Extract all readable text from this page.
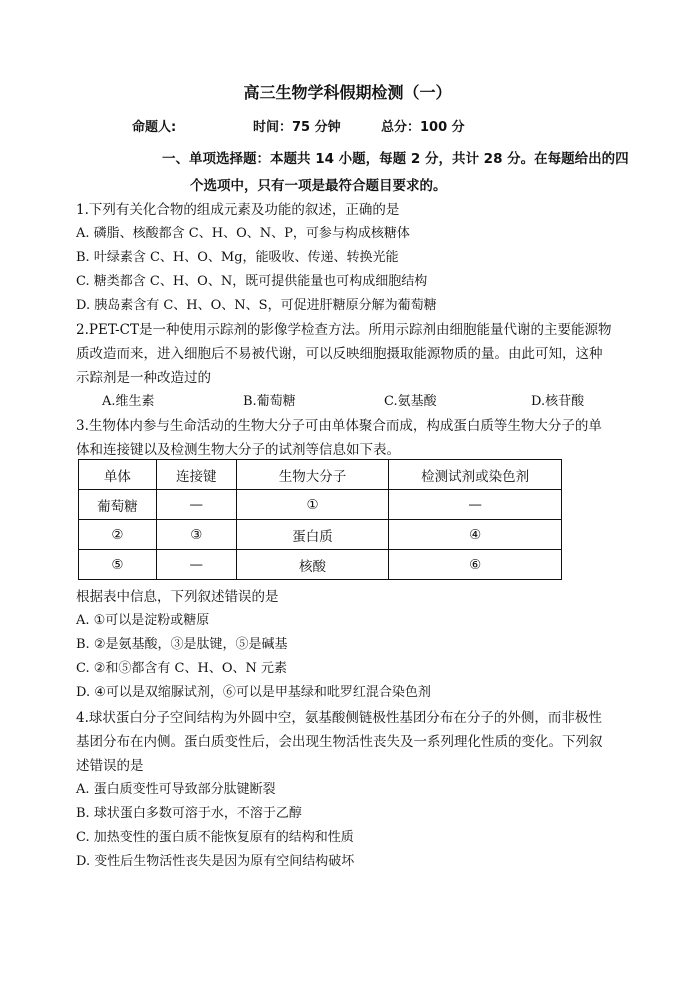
高三生物学科假期检测（一）
命题人:	时间：75 分钟	总分：100 分
一、单项选择题：本题共 14 小题，每题 2 分，共计 28 分。在每题给出的四
个选项中，只有一项是最符合题目要求的。
1.下列有关化合物的组成元素及功能的叙述，正确的是
A. 磷脂、核酸都含 C、H、O、N、P，可参与构成核糖体
B. 叶绿素含 C、H、O、Mg，能吸收、传递、转换光能
C. 糖类都含 C、H、O、N，既可提供能量也可构成细胞结构
D. 胰岛素含有 C、H、O、N、S，可促进肝糖原分解为葡萄糖
2.PET-CT是一种使用示踪剂的影像学检查方法。所用示踪剂由细胞能量代谢的主要能源物
质改造而来，进入细胞后不易被代谢，可以反映细胞摄取能源物质的量。由此可知，这种
示踪剂是一种改造过的
A.维生素	B.葡萄糖	C.氨基酸	D.核苷酸
3.生物体内参与生命活动的生物大分子可由单体聚合而成，构成蛋白质等生物大分子的单
体和连接键以及检测生物大分子的试剂等信息如下表。
单体	连接键	生物大分子	检测试剂或染色剂
葡萄糖	—	①	—
②	③	蛋白质	④
⑤	—	核酸	⑥
根据表中信息，下列叙述错误的是
A. ①可以是淀粉或糖原
B. ②是氨基酸，③是肽键，⑤是碱基
C. ②和⑤都含有 C、H、O、N 元素
D. ④可以是双缩脲试剂，⑥可以是甲基绿和吡罗红混合染色剂
4.球状蛋白分子空间结构为外圆中空，氨基酸侧链极性基团分布在分子的外侧，而非极性
基团分布在内侧。蛋白质变性后，会出现生物活性丧失及一系列理化性质的变化。下列叙
述错误的是
A. 蛋白质变性可导致部分肽键断裂
B. 球状蛋白多数可溶于水，不溶于乙醇
C. 加热变性的蛋白质不能恢复原有的结构和性质
D. 变性后生物活性丧失是因为原有空间结构破坏
